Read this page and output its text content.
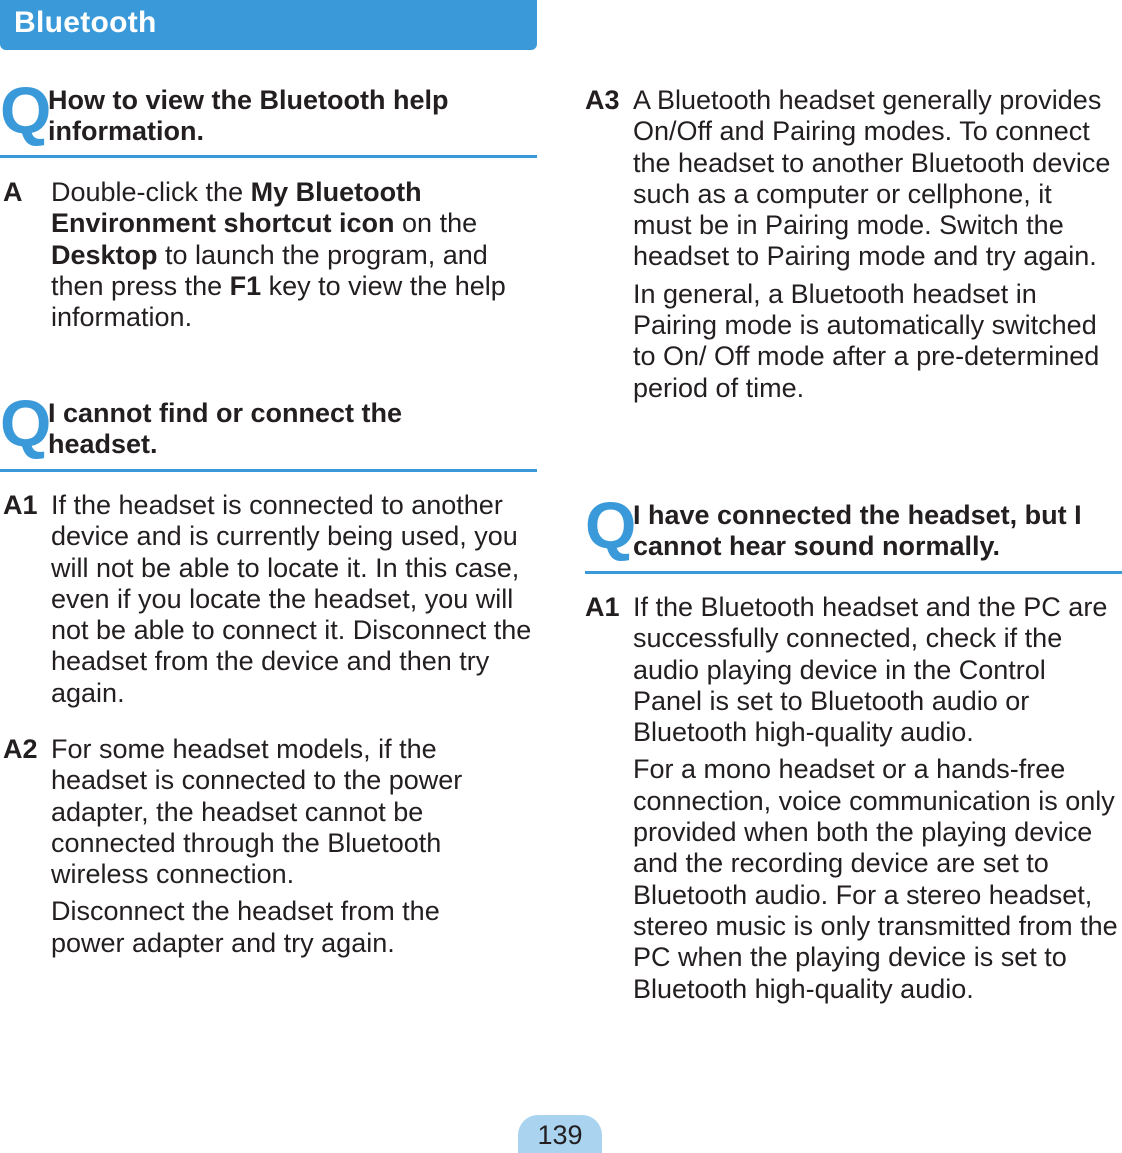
Bluetooth
Q
How to view the Bluetooth help
information.
A Double-click the My Bluetooth Environment shortcut icon on the Desktop to launch the program, and then press the F1 key to view the help information.

Q
I cannot find or connect the
headset.
A1 If the headset is connected to another device and is currently being used, you will not be able to locate it. In this case, even if you locate the headset, you will not be able to connect it. Disconnect the headset from the device and then try again.

A2 For some headset models, if the headset is connected to the power adapter, the headset cannot be connected through the Bluetooth wireless connection.

Disconnect the headset from the power adapter and try again.

A3 A Bluetooth headset generally provides On/Off and Pairing modes. To connect the headset to another Bluetooth device such as a computer or cellphone, it must be in Pairing mode. Switch the headset to Pairing mode and try again.

In general, a Bluetooth headset in Pairing mode is automatically switched to On/ Off mode after a pre-determined period of time.

Q
I have connected the headset, but I
cannot hear sound normally.
A1 If the Bluetooth headset and the PC are successfully connected, check if the audio playing device in the Control Panel is set to Bluetooth audio or Bluetooth high-quality audio.

For a mono headset or a hands-free connection, voice communication is only provided when both the playing device and the recording device are set to Bluetooth audio. For a stereo headset, stereo music is only transmitted from the PC when the playing device is set to Bluetooth high-quality audio.

139
